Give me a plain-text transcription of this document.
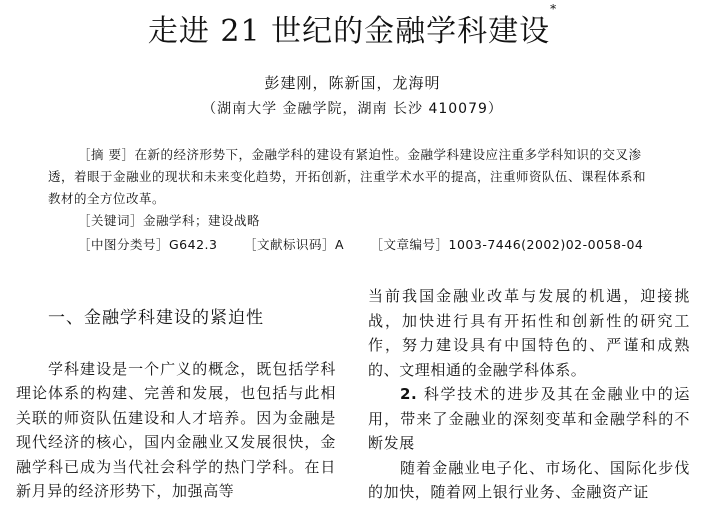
走进 21 世纪的金融学科建设*
彭建刚，陈新国，龙海明
（湖南大学 金融学院，湖南 长沙 410079）
［摘 要］在新的经济形势下，金融学科的建设有紧迫性。金融学科建设应注重多学科知识的交叉渗透，着眼于金融业的现状和未来变化趋势，开拓创新，注重学术水平的提高，注重师资队伍、课程体系和教材的全方位改革。
［关键词］金融学科；建设战略
［中图分类号］G642.3 ［文献标识码］A ［文章编号］1003-7446(2002)02-0058-04
一、金融学科建设的紧迫性

学科建设是一个广义的概念，既包括学科理论体系的构建、完善和发展，也包括与此相关联的师资队伍建设和人才培养。因为金融是现代经济的核心，国内金融业又发展很快，金融学科已成为当代社会科学的热门学科。在日新月异的经济形势下，加强高等

当前我国金融业改革与发展的机遇，迎接挑战，加快进行具有开拓性和创新性的研究工作，努力建设具有中国特色的、严谨和成熟的、文理相通的金融学科体系。

2. 科学技术的进步及其在金融业中的运用，带来了金融业的深刻变革和金融学科的不断发展

随着金融业电子化、市场化、国际化步伐的加快，随着网上银行业务、金融资产证
